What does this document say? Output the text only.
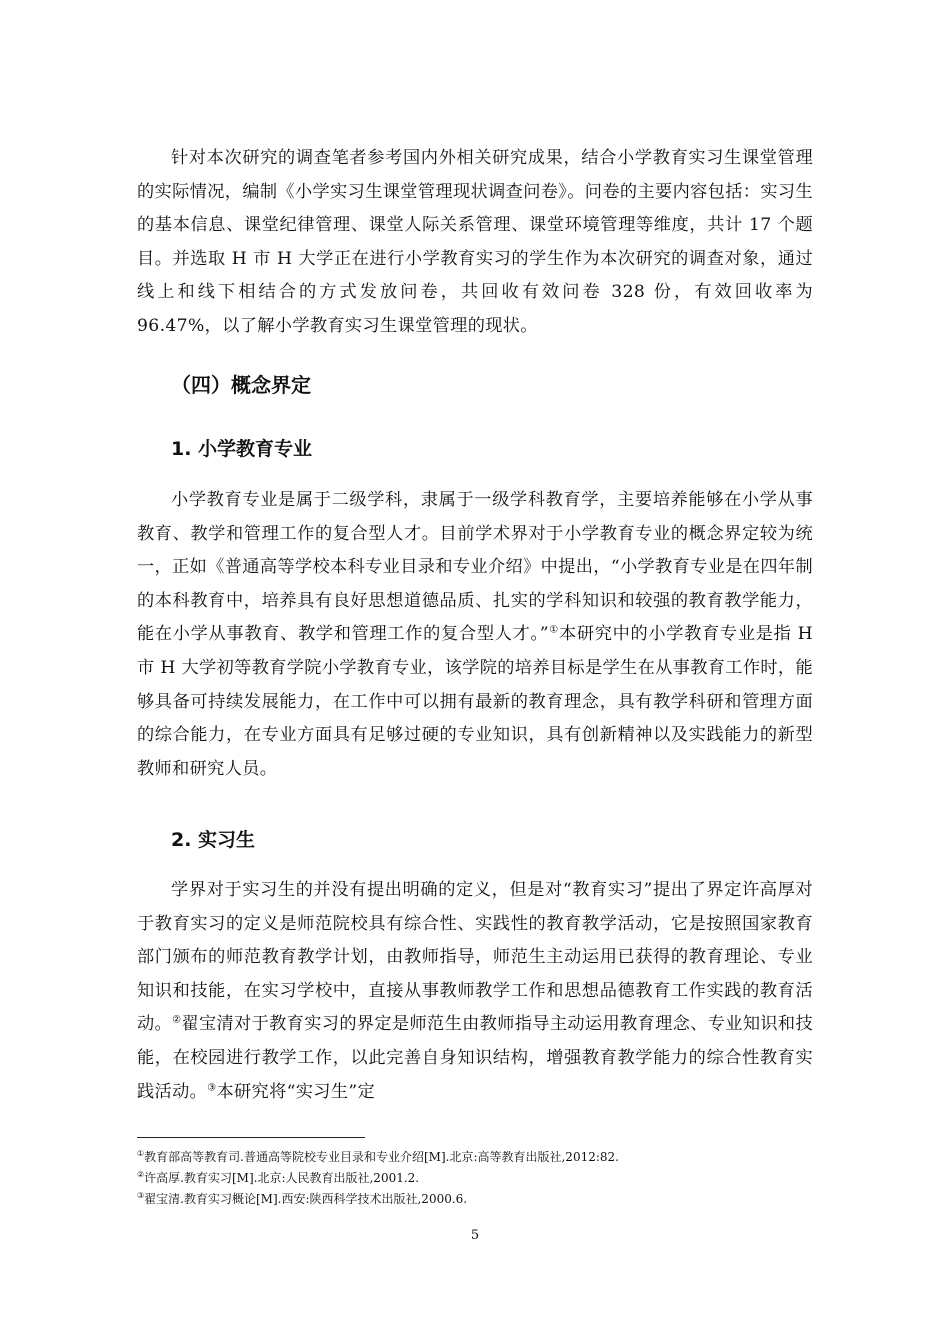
针对本次研究的调查笔者参考国内外相关研究成果，结合小学教育实习生课堂管理的实际情况，编制《小学实习生课堂管理现状调查问卷》。问卷的主要内容包括：实习生的基本信息、课堂纪律管理、课堂人际关系管理、课堂环境管理等维度，共计 17 个题目。并选取 H 市 H 大学正在进行小学教育实习的学生作为本次研究的调查对象，通过线上和线下相结合的方式发放问卷，共回收有效问卷 328 份，有效回收率为 96.47%，以了解小学教育实习生课堂管理的现状。

（四）概念界定
1. 小学教育专业

小学教育专业是属于二级学科，隶属于一级学科教育学，主要培养能够在小学从事教育、教学和管理工作的复合型人才。目前学术界对于小学教育专业的概念界定较为统一，正如《普通高等学校本科专业目录和专业介绍》中提出，“小学教育专业是在四年制的本科教育中，培养具有良好思想道德品质、扎实的学科知识和较强的教育教学能力，能在小学从事教育、教学和管理工作的复合型人才。”①本研究中的小学教育专业是指 H 市 H 大学初等教育学院小学教育专业，该学院的培养目标是学生在从事教育工作时，能够具备可持续发展能力，在工作中可以拥有最新的教育理念，具有教学科研和管理方面的综合能力，在专业方面具有足够过硬的专业知识，具有创新精神以及实践能力的新型教师和研究人员。

2. 实习生

学界对于实习生的并没有提出明确的定义，但是对“教育实习”提出了界定许高厚对于教育实习的定义是师范院校具有综合性、实践性的教育教学活动，它是按照国家教育部门颁布的师范教育教学计划，由教师指导，师范生主动运用已获得的教育理论、专业知识和技能，在实习学校中，直接从事教师教学工作和思想品德教育工作实践的教育活动。②翟宝清对于教育实习的界定是师范生由教师指导主动运用教育理念、专业知识和技能，在校园进行教学工作，以此完善自身知识结构，增强教育教学能力的综合性教育实践活动。③本研究将“实习生”定

①教育部高等教育司.普通高等院校专业目录和专业介绍[M].北京:高等教育出版社,2012:82.

②许高厚.教育实习[M].北京:人民教育出版社,2001.2.

③翟宝清.教育实习概论[M].西安:陕西科学技术出版社,2000.6.

5
